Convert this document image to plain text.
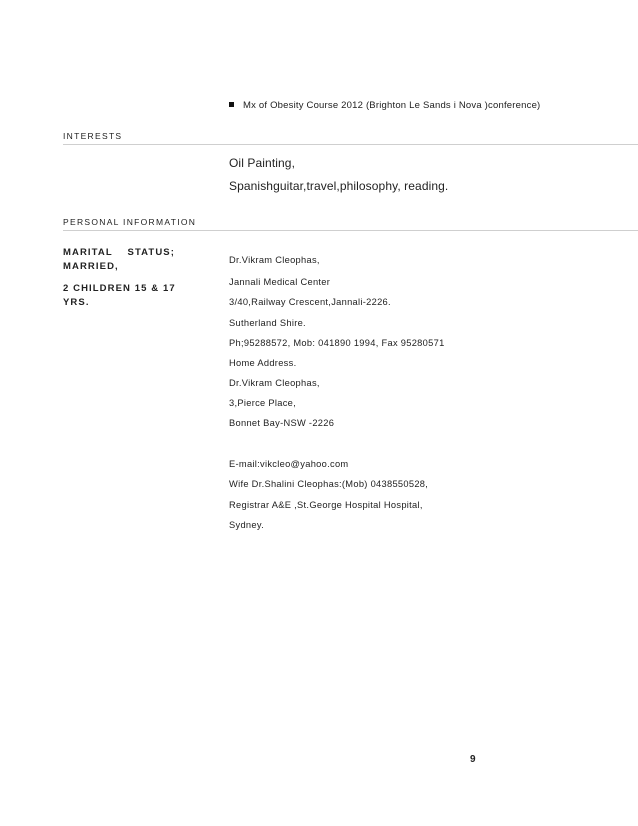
Mx of Obesity Course 2012 (Brighton Le Sands i Nova )conference)
INTERESTS
Oil Painting,
Spanishguitar,travel,philosophy, reading.
PERSONAL INFORMATION
MARITAL    STATUS;
MARRIED,
2 CHILDREN 15 & 17
YRS.
Dr.Vikram Cleophas,
Jannali Medical Center
3/40,Railway Crescent,Jannali-2226.
Sutherland Shire.
Ph;95288572, Mob: 041890 1994, Fax 95280571
Home Address.
Dr.Vikram Cleophas,
3,Pierce Place,
Bonnet Bay-NSW -2226
E-mail:vikcleo@yahoo.com
Wife Dr.Shalini Cleophas:(Mob) 0438550528,
Registrar A&E ,St.George Hospital Hospital,
Sydney.
9
